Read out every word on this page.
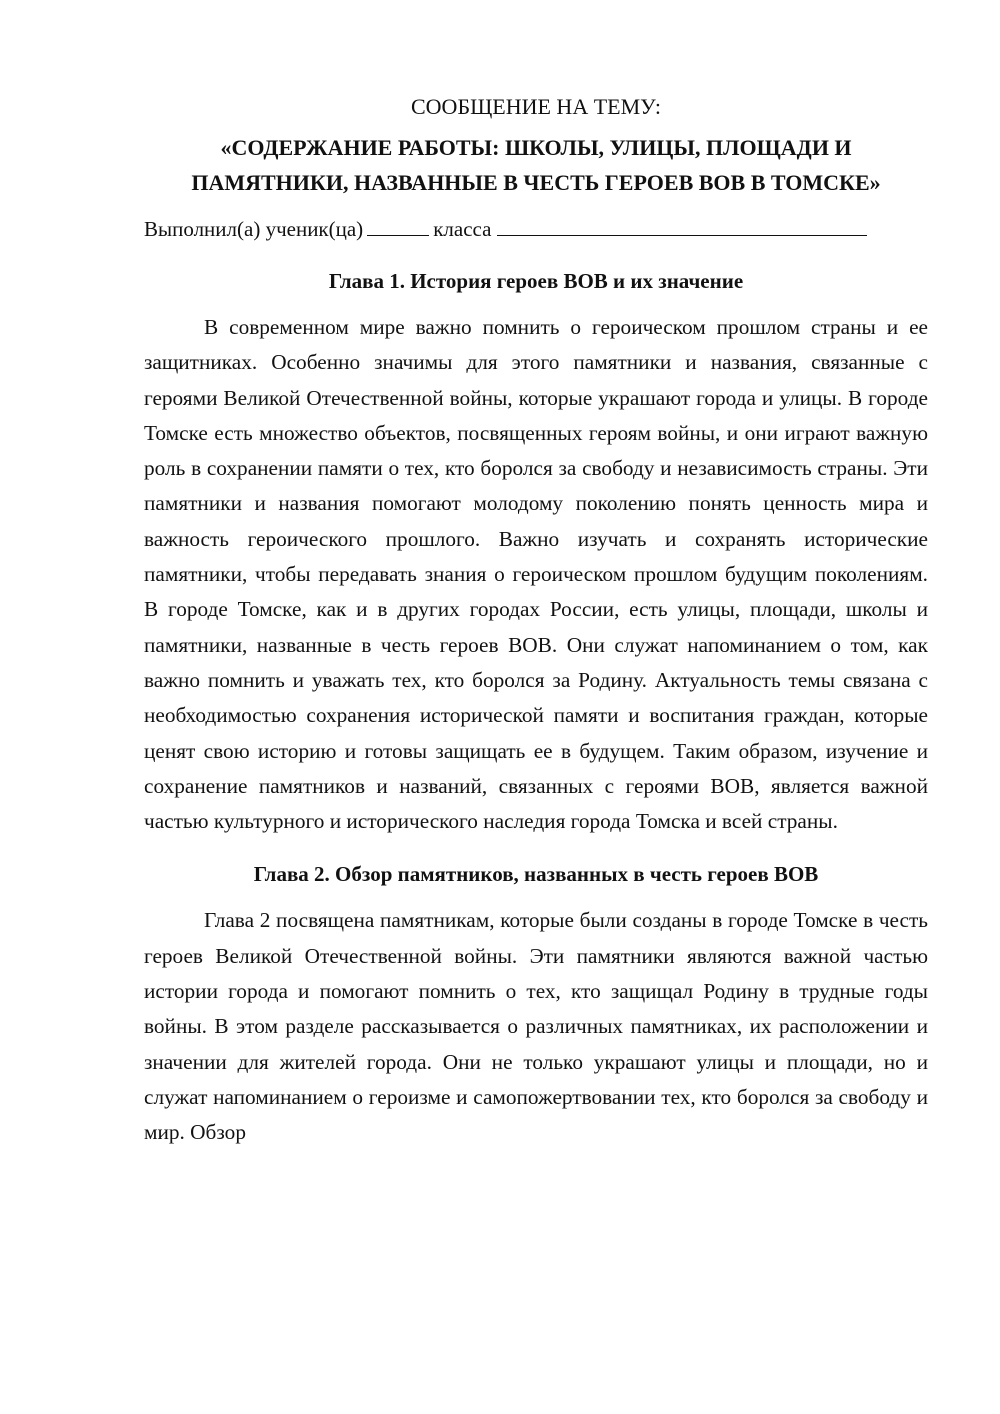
СООБЩЕНИЕ НА ТЕМУ:
«СОДЕРЖАНИЕ РАБОТЫ: ШКОЛЫ, УЛИЦЫ, ПЛОЩАДИ И ПАМЯТНИКИ, НАЗВАННЫЕ В ЧЕСТЬ ГЕРОЕВ ВОВ В ТОМСКЕ»
Выполнил(а) ученик(ца)	класса
Глава 1. История героев ВОВ и их значение

В современном мире важно помнить о героическом прошлом страны и ее защитниках. Особенно значимы для этого памятники и названия, связанные с героями Великой Отечественной войны, которые украшают города и улицы. В городе Томске есть множество объектов, посвященных героям войны, и они играют важную роль в сохранении памяти о тех, кто боролся за свободу и независимость страны. Эти памятники и названия помогают молодому поколению понять ценность мира и важность героического прошлого. Важно изучать и сохранять исторические памятники, чтобы передавать знания о героическом прошлом будущим поколениям. В городе Томске, как и в других городах России, есть улицы, площади, школы и памятники, названные в честь героев ВОВ. Они служат напоминанием о том, как важно помнить и уважать тех, кто боролся за Родину. Актуальность темы связана с необходимостью сохранения исторической памяти и воспитания граждан, которые ценят свою историю и готовы защищать ее в будущем. Таким образом, изучение и сохранение памятников и названий, связанных с героями ВОВ, является важной частью культурного и исторического наследия города Томска и всей страны.

Глава 2. Обзор памятников, названных в честь героев ВОВ

Глава 2 посвящена памятникам, которые были созданы в городе Томске в честь героев Великой Отечественной войны. Эти памятники являются важной частью истории города и помогают помнить о тех, кто защищал Родину в трудные годы войны. В этом разделе рассказывается о различных памятниках, их расположении и значении для жителей города. Они не только украшают улицы и площади, но и служат напоминанием о героизме и самопожертвовании тех, кто боролся за свободу и мир. Обзор
